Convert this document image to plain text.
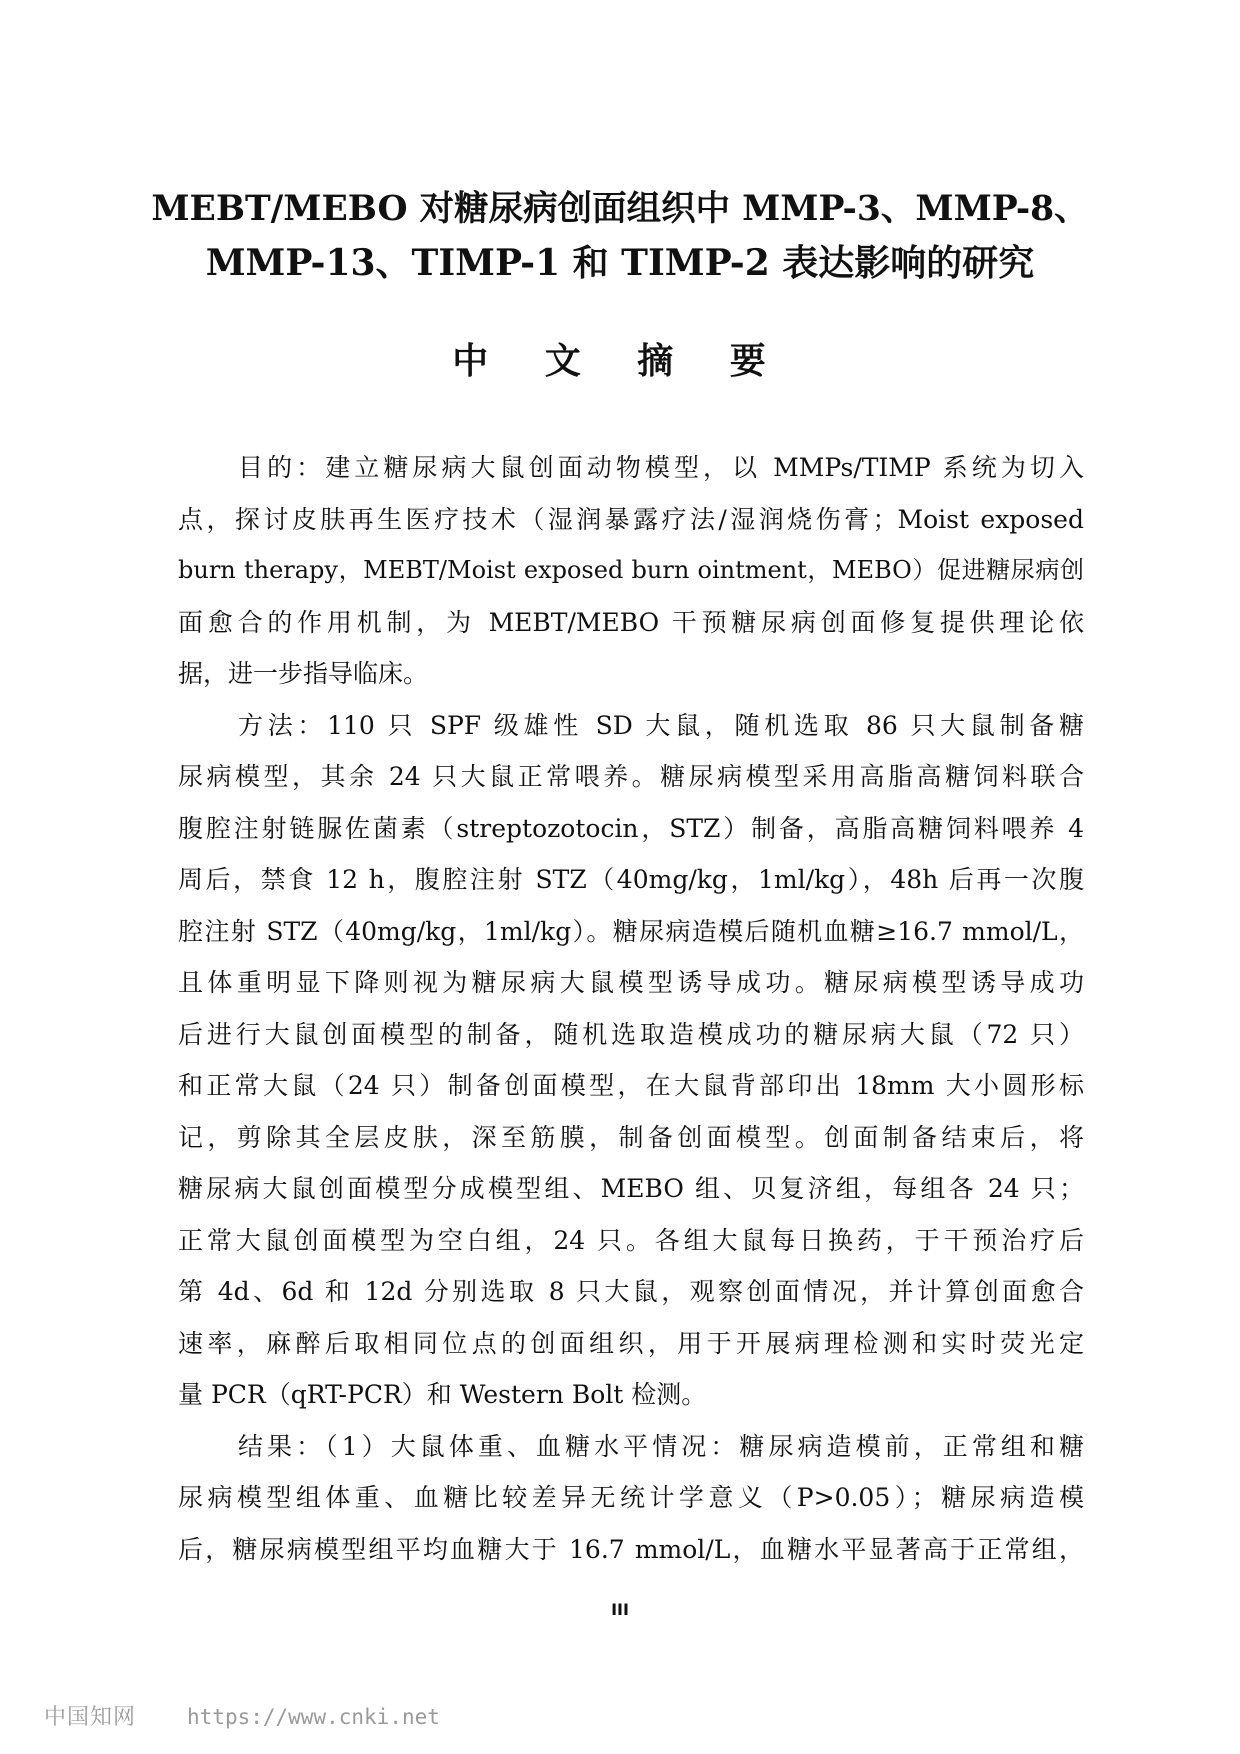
MEBT/MEBO 对糖尿病创面组织中 MMP-3、MMP-8、
MMP-13、TIMP-1 和 TIMP-2 表达影响的研究
中 文 摘 要
目的：建立糖尿病大鼠创面动物模型，以 MMPs/TIMP 系统为切入
点，探讨皮肤再生医疗技术（湿润暴露疗法/湿润烧伤膏；Moist exposed
burn therapy，MEBT/Moist exposed burn ointment，MEBO）促进糖尿病创
面愈合的作用机制，为 MEBT/MEBO 干预糖尿病创面修复提供理论依
据，进一步指导临床。
方法：110 只 SPF 级雄性 SD 大鼠，随机选取 86 只大鼠制备糖
尿病模型，其余 24 只大鼠正常喂养。糖尿病模型采用高脂高糖饲料联合
腹腔注射链脲佐菌素（streptozotocin，STZ）制备，高脂高糖饲料喂养 4
周后，禁食 12 h，腹腔注射 STZ（40mg/kg，1ml/kg），48h 后再一次腹
腔注射 STZ（40mg/kg，1ml/kg）。糖尿病造模后随机血糖≥16.7 mmol/L，
且体重明显下降则视为糖尿病大鼠模型诱导成功。糖尿病模型诱导成功
后进行大鼠创面模型的制备，随机选取造模成功的糖尿病大鼠（72 只）
和正常大鼠（24 只）制备创面模型，在大鼠背部印出 18mm 大小圆形标
记，剪除其全层皮肤，深至筋膜，制备创面模型。创面制备结束后，将
糖尿病大鼠创面模型分成模型组、MEBO 组、贝复济组，每组各 24 只；
正常大鼠创面模型为空白组，24 只。各组大鼠每日换药，于干预治疗后
第 4d、6d 和 12d 分别选取 8 只大鼠，观察创面情况，并计算创面愈合
速率，麻醉后取相同位点的创面组织，用于开展病理检测和实时荧光定
量 PCR（qRT-PCR）和 Western Bolt 检测。
结果：（1）大鼠体重、血糖水平情况：糖尿病造模前，正常组和糖
尿病模型组体重、血糖比较差异无统计学意义（P>0.05）；糖尿病造模
后，糖尿病模型组平均血糖大于 16.7 mmol/L，血糖水平显著高于正常组，
III
中国知网 https://www.cnki.net
